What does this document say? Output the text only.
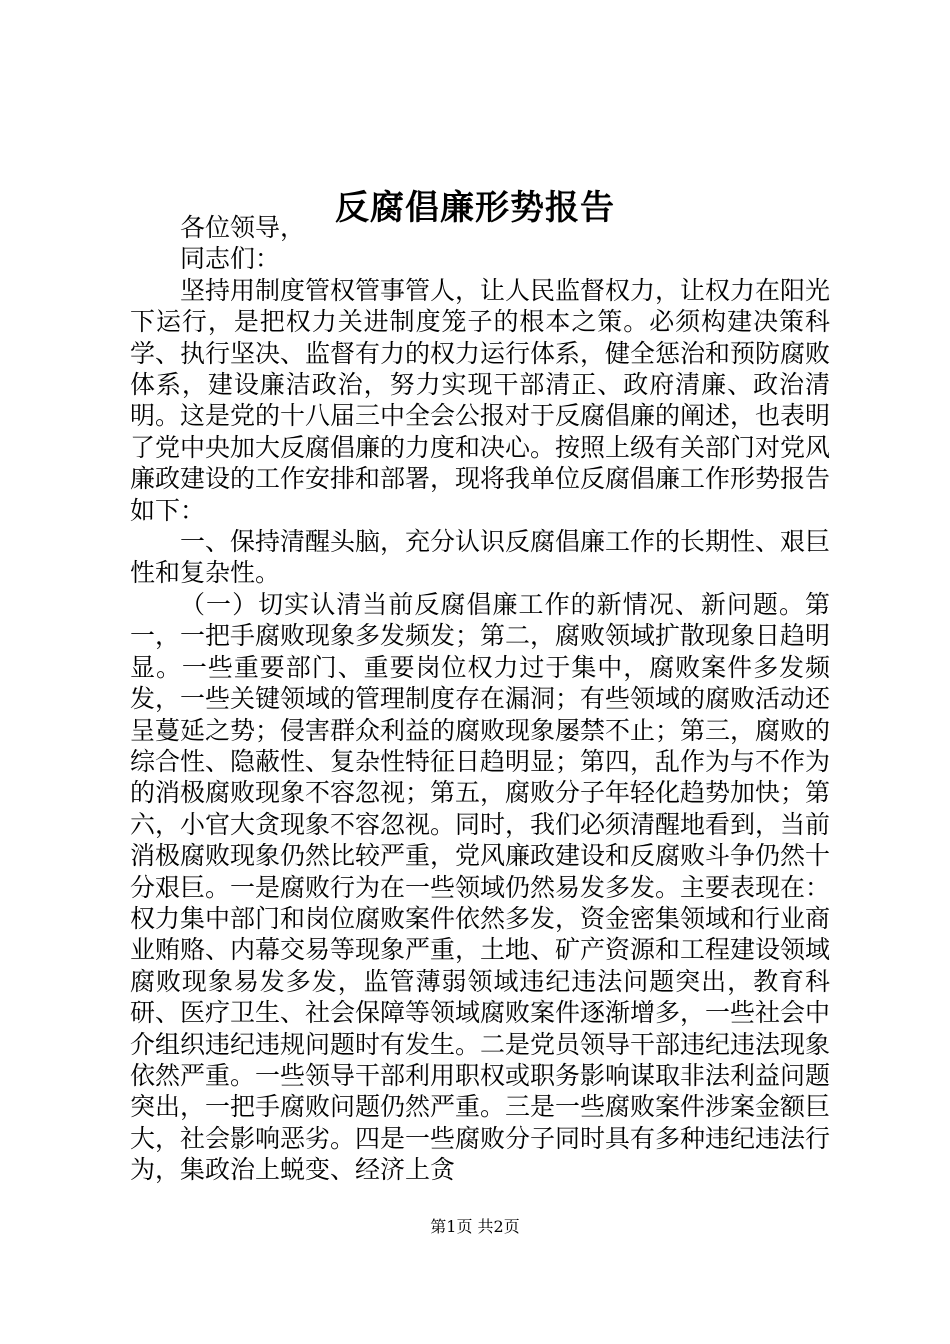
反腐倡廉形势报告

各位领导，

同志们：

坚持用制度管权管事管人，让人民监督权力，让权力在阳光下运行，是把权力关进制度笼子的根本之策。必须构建决策科学、执行坚决、监督有力的权力运行体系，健全惩治和预防腐败体系，建设廉洁政治，努力实现干部清正、政府清廉、政治清明。这是党的十八届三中全会公报对于反腐倡廉的阐述，也表明了党中央加大反腐倡廉的力度和决心。按照上级有关部门对党风廉政建设的工作安排和部署，现将我单位反腐倡廉工作形势报告如下：

一、保持清醒头脑，充分认识反腐倡廉工作的长期性、艰巨性和复杂性。

（一）切实认清当前反腐倡廉工作的新情况、新问题。第一，一把手腐败现象多发频发；第二，腐败领域扩散现象日趋明显。一些重要部门、重要岗位权力过于集中，腐败案件多发频发，一些关键领域的管理制度存在漏洞；有些领域的腐败活动还呈蔓延之势；侵害群众利益的腐败现象屡禁不止；第三，腐败的综合性、隐蔽性、复杂性特征日趋明显；第四，乱作为与不作为的消极腐败现象不容忽视；第五，腐败分子年轻化趋势加快；第六，小官大贪现象不容忽视。同时，我们必须清醒地看到，当前消极腐败现象仍然比较严重，党风廉政建设和反腐败斗争仍然十分艰巨。一是腐败行为在一些领域仍然易发多发。主要表现在：权力集中部门和岗位腐败案件依然多发，资金密集领域和行业商业贿赂、内幕交易等现象严重，土地、矿产资源和工程建设领域腐败现象易发多发，监管薄弱领域违纪违法问题突出，教育科研、医疗卫生、社会保障等领域腐败案件逐渐增多，一些社会中介组织违纪违规问题时有发生。二是党员领导干部违纪违法现象依然严重。一些领导干部利用职权或职务影响谋取非法利益问题突出，一把手腐败问题仍然严重。三是一些腐败案件涉案金额巨大，社会影响恶劣。四是一些腐败分子同时具有多种违纪违法行为，集政治上蜕变、经济上贪

第1页 共2页
